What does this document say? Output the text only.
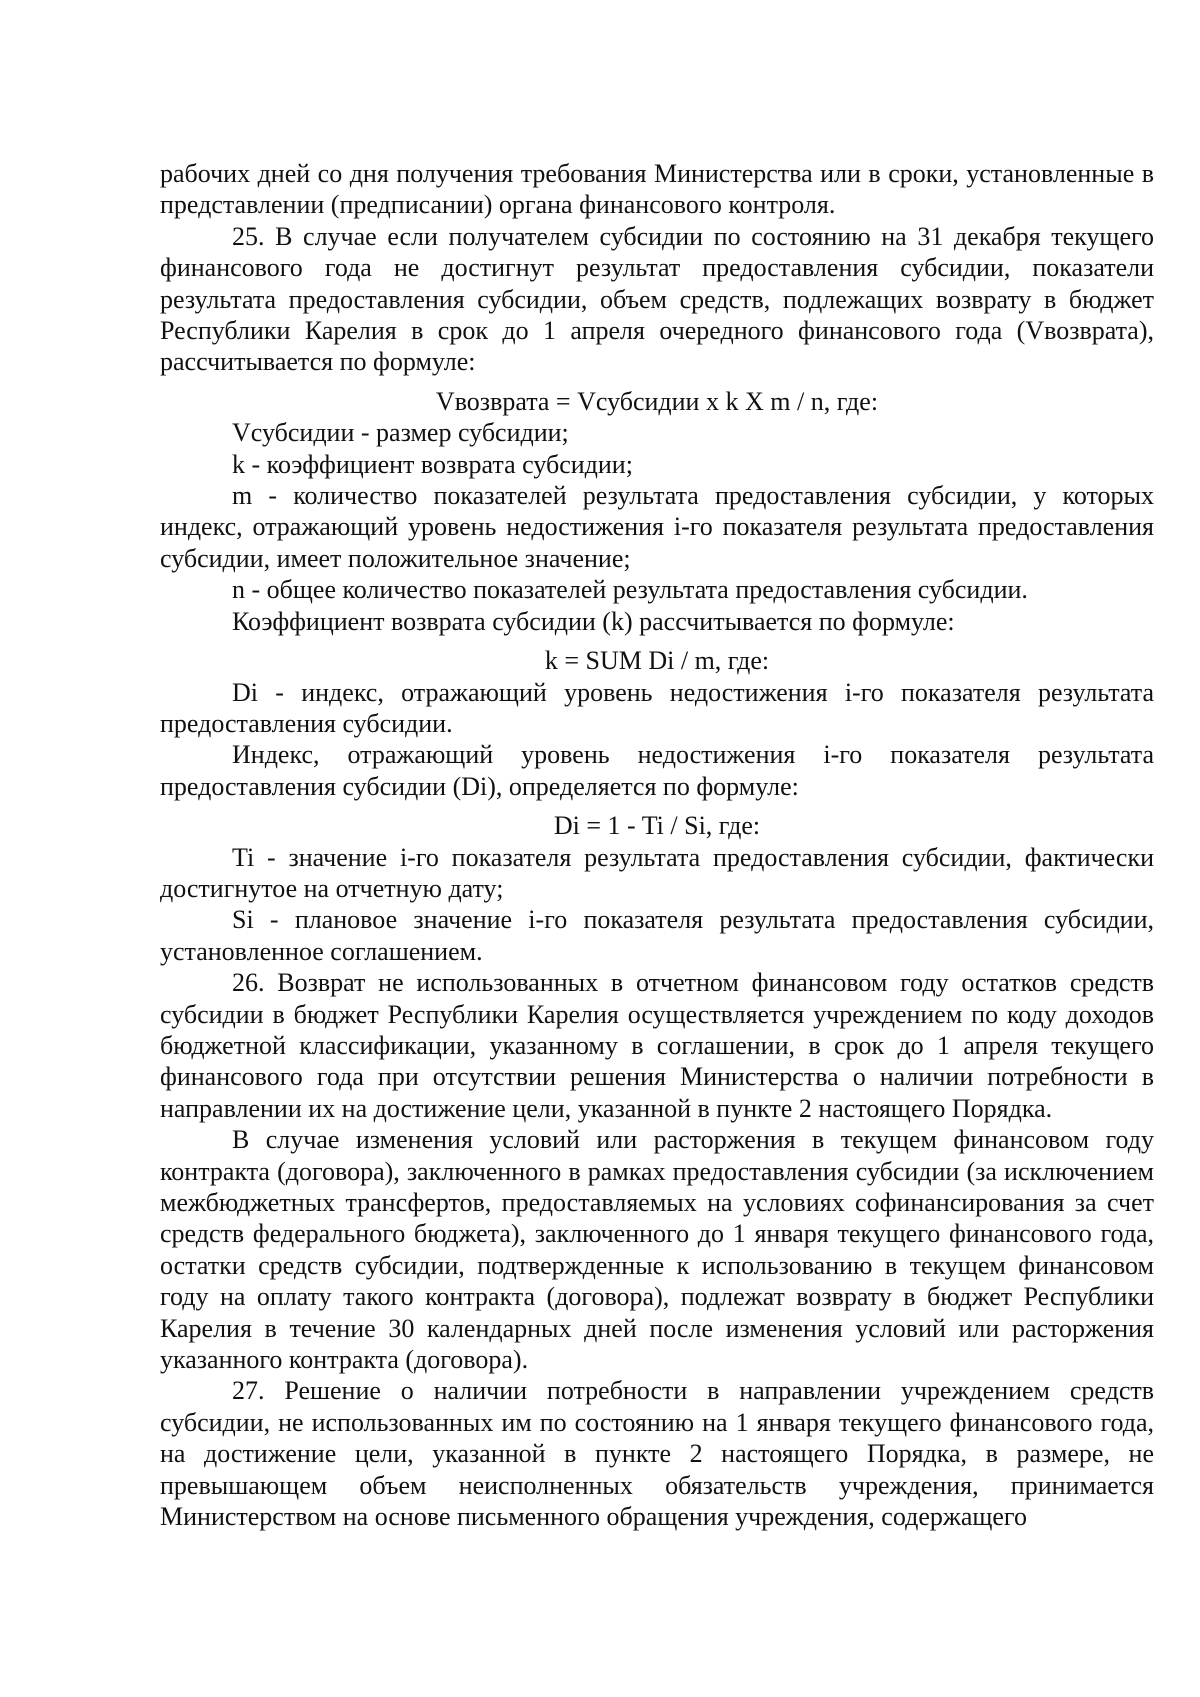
рабочих дней со дня получения требования Министерства или в сроки, установленные в представлении (предписании) органа финансового контроля.

25. В случае если получателем субсидии по состоянию на 31 декабря текущего финансового года не достигнут результат предоставления субсидии, показатели результата предоставления субсидии, объем средств, подлежащих возврату в бюджет Республики Карелия в срок до 1 апреля очередного финансового года (Vвозврата), рассчитывается по формуле:

Vвозврата = Vсубсидии x k X m / n, где:

Vсубсидии - размер субсидии;

k - коэффициент возврата субсидии;

m - количество показателей результата предоставления субсидии, у которых индекс, отражающий уровень недостижения i-го показателя результата предоставления субсидии, имеет положительное значение;

n - общее количество показателей результата предоставления субсидии.

Коэффициент возврата субсидии (k) рассчитывается по формуле:

k = SUM Di / m, где:

Di - индекс, отражающий уровень недостижения i-го показателя результата предоставления субсидии.

Индекс, отражающий уровень недостижения i-го показателя результата предоставления субсидии (Di), определяется по формуле:

Di = 1 - Ti / Si, где:

Ti - значение i-го показателя результата предоставления субсидии, фактически достигнутое на отчетную дату;

Si - плановое значение i-го показателя результата предоставления субсидии, установленное соглашением.

26. Возврат не использованных в отчетном финансовом году остатков средств субсидии в бюджет Республики Карелия осуществляется учреждением по коду доходов бюджетной классификации, указанному в соглашении, в срок до 1 апреля текущего финансового года при отсутствии решения Министерства о наличии потребности в направлении их на достижение цели, указанной в пункте 2 настоящего Порядка.

В случае изменения условий или расторжения в текущем финансовом году контракта (договора), заключенного в рамках предоставления субсидии (за исключением межбюджетных трансфертов, предоставляемых на условиях софинансирования за счет средств федерального бюджета), заключенного до 1 января текущего финансового года, остатки средств субсидии, подтвержденные к использованию в текущем финансовом году на оплату такого контракта (договора), подлежат возврату в бюджет Республики Карелия в течение 30 календарных дней после изменения условий или расторжения указанного контракта (договора).

27. Решение о наличии потребности в направлении учреждением средств субсидии, не использованных им по состоянию на 1 января текущего финансового года, на достижение цели, указанной в пункте 2 настоящего Порядка, в размере, не превышающем объем неисполненных обязательств учреждения, принимается Министерством на основе письменного обращения учреждения, содержащего
